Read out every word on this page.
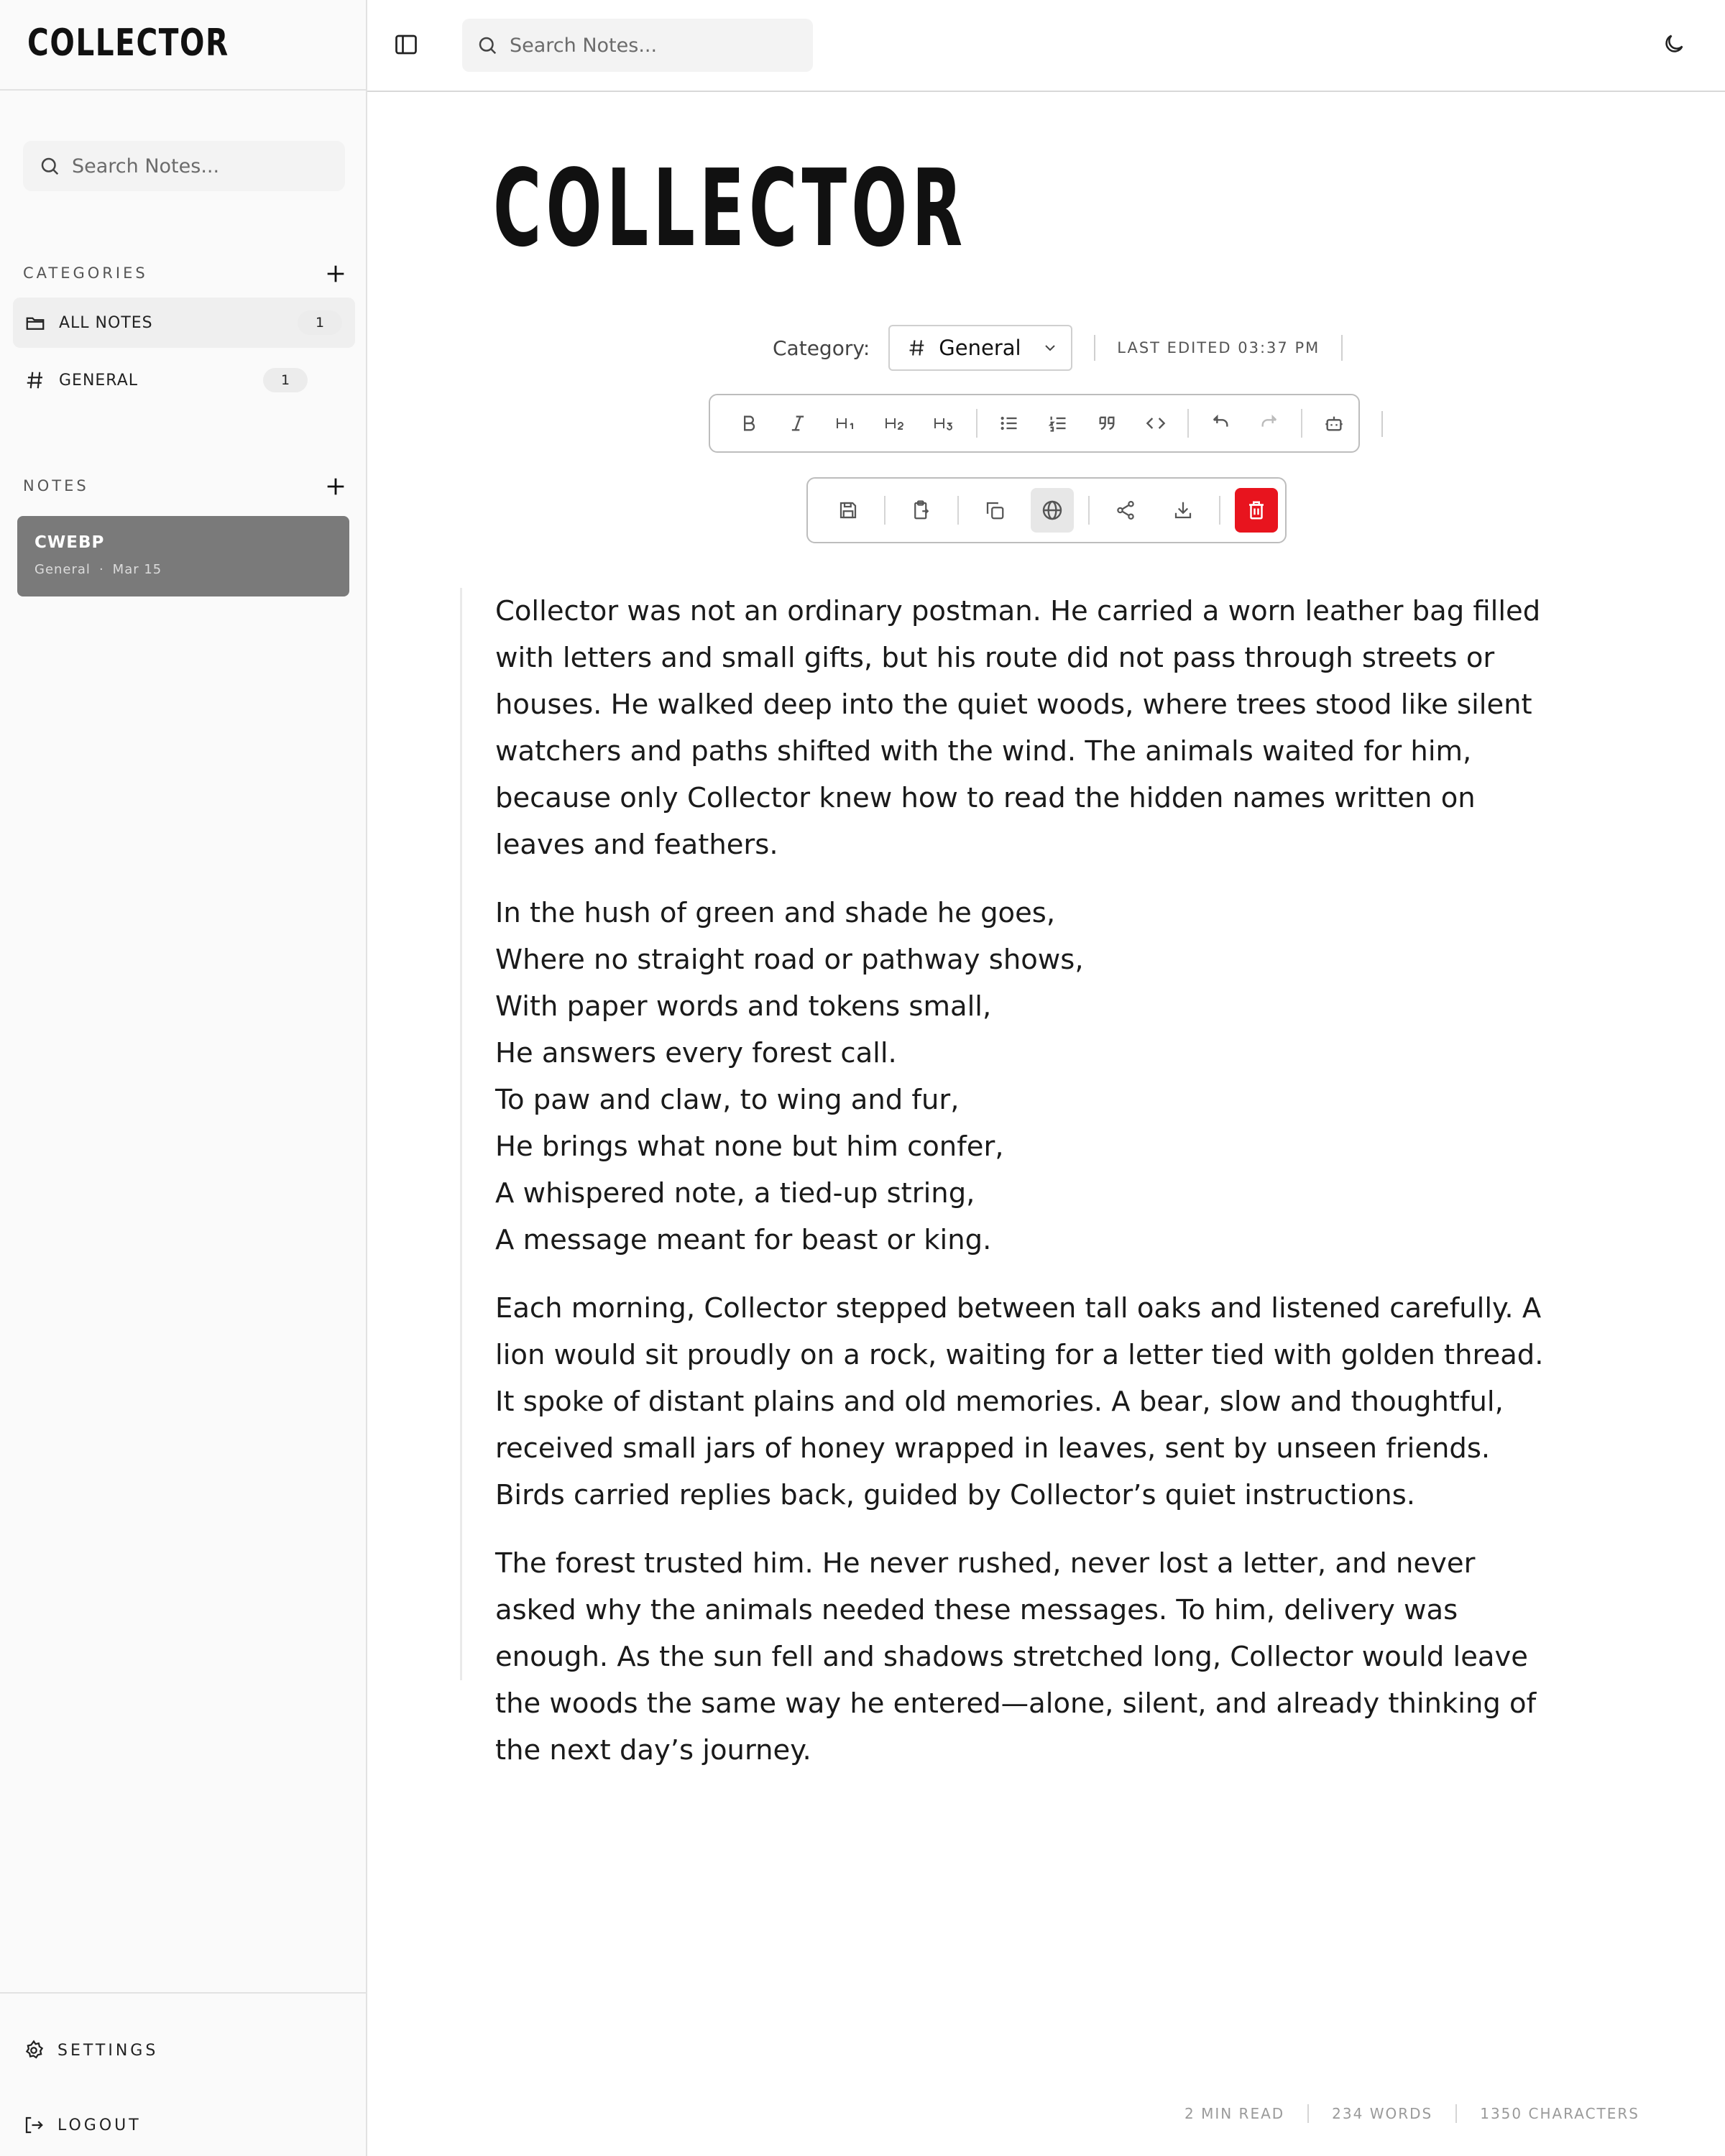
COLLECTOR
Search Notes...
CATEGORIES
ALL NOTES	1
GENERAL	1
NOTES
CWEBP
General · Mar 15
SETTINGS
LOGOUT
Search Notes...
COLLECTOR
Category:	General	LAST EDITED 03:37 PM

Collector was not an ordinary postman. He carried a worn leather bag filled with letters and small gifts, but his route did not pass through streets or houses. He walked deep into the quiet woods, where trees stood like silent watchers and paths shifted with the wind. The animals waited for him, because only Collector knew how to read the hidden names written on leaves and feathers.

In the hush of green and shade he goes,
Where no straight road or pathway shows,
With paper words and tokens small,
He answers every forest call.
To paw and claw, to wing and fur,
He brings what none but him confer,
A whispered note, a tied-up string,
A message meant for beast or king.

Each morning, Collector stepped between tall oaks and listened carefully. A lion would sit proudly on a rock, waiting for a letter tied with golden thread. It spoke of distant plains and old memories. A bear, slow and thoughtful, received small jars of honey wrapped in leaves, sent by unseen friends. Birds carried replies back, guided by Collector’s quiet instructions.

The forest trusted him. He never rushed, never lost a letter, and never asked why the animals needed these messages. To him, delivery was enough. As the sun fell and shadows stretched long, Collector would leave the woods the same way he entered—alone, silent, and already thinking of the next day’s journey.

2 MIN READ	234 WORDS	1350 CHARACTERS
